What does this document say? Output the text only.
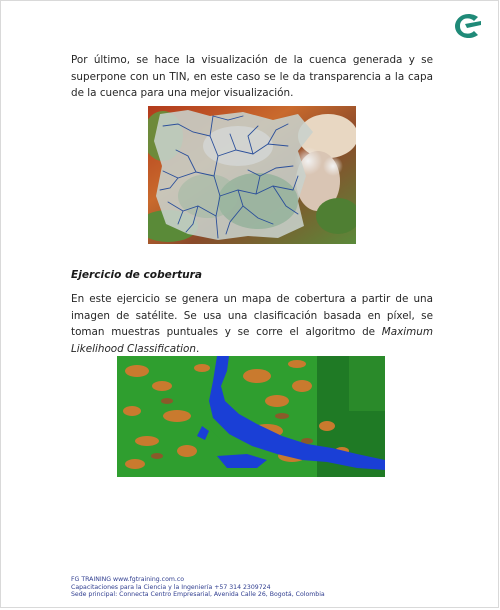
Por último, se hace la visualización de la cuenca generada y se superpone con un TIN, en este caso se le da transparencia a la capa de la cuenca para una mejor visualización.
Ejercicio de cobertura
En este ejercicio se genera un mapa de cobertura a partir de una imagen de satélite. Se usa una clasificación basada en píxel, se toman muestras puntuales y se corre el algoritmo de Maximum Likelihood Classification.
FG TRAINING www.fgtraining.com.co
Capacitaciones para la Ciencia y la Ingeniería +57 314 2309724
Sede principal: Connecta Centro Empresarial, Avenida Calle 26, Bogotá, Colombia
